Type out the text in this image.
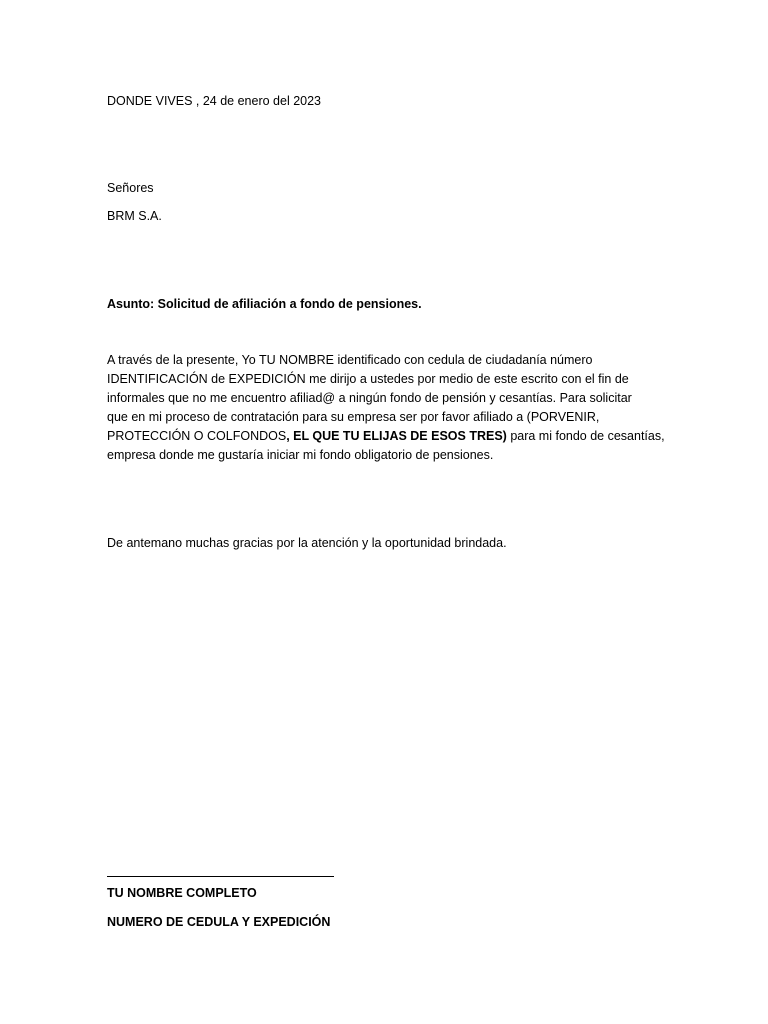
DONDE VIVES , 24 de enero del 2023
Señores
BRM S.A.
Asunto: Solicitud de afiliación a fondo de pensiones.
A través de la presente, Yo TU NOMBRE identificado con cedula de ciudadanía número
IDENTIFICACIÓN de EXPEDICIÓN me dirijo a ustedes por medio de este escrito con el fin de
informales que no me encuentro afiliad@ a ningún fondo de pensión y cesantías. Para solicitar
que en mi proceso de contratación para su empresa ser por favor afiliado a (PORVENIR,
PROTECCIÓN O COLFONDOS, EL QUE TU ELIJAS DE ESOS TRES) para mi fondo de cesantías,
empresa donde me gustaría iniciar mi fondo obligatorio de pensiones.
De antemano muchas gracias por la atención y la oportunidad brindada.
TU NOMBRE COMPLETO
NUMERO DE CEDULA Y EXPEDICIÓN
